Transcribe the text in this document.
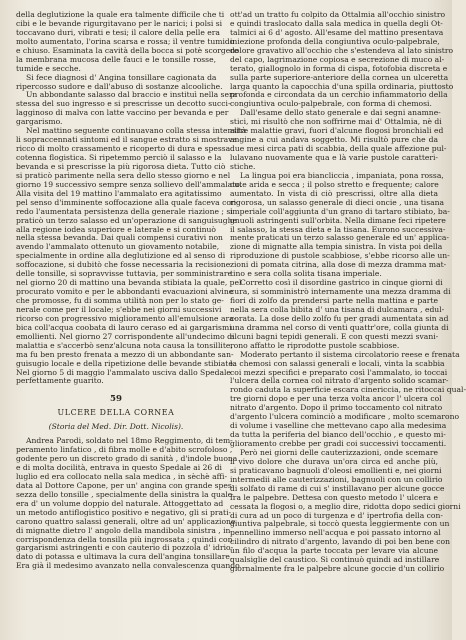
della deglutizione la quale era talmente difficile che ti
cibi e le bevande rigurgitavano per le narici; i polsi si
toccavano duri, vibrati e tesi; il calore della pelle era
molto aumentato, l'orina scarsa e rossa; il ventre tumido
e chiuso. Esaminata la cavità della bocca si potè scorgere
la membrana mucosa delle fauci e le tonsille rosse,
tumide e secche.
Si fece diagnosi d' Angina tonsillare cagionata da
ripercosso sudore e dall'abuso di sostanze alcooliche.
Un abbondante salasso dal braccio e instituì nella sera
stessa del suo ingresso e si prescrisse un decotto succi-
lagginoso di malva con latte vaccino per bevanda e per
gargarismo.
Nel mattino seguente continuavano colla stessa intensità
li sopraccennati sintomi ed il sangue estratto si mostrava
ricco di molto crassamento e ricoperto di dura e spessa
cotenna flogistica. Si ripetemmo perciò il salasso e la
bevanda e si prescrisse la più rigorosa dieta. Tutto ciò
si praticò parimente nella sera dello stesso giorno e nel
giorno 19 successivo sempre senza sollievo dell'ammalato.
Alla visita del 19 mattino l'ammalato era agitatissimo
pel senso d'imminente soffocazione alla quale faceva cor-
redo l'aumentata persistenza della generale riazione ; si
praticò un terzo salasso ed un'operazione di sanguisughe
alla regione iodea superiore e laterale e si continuò
nella stessa bevanda. Dai quali compensi curativi non
avendo l'ammalato ottenuto un giovamento notabile,
specialmente in ordine alla deglutizione ed al senso di
soffocazione, si dubitò che fosse necessaria la recisione
delle tonsille, si sopravvisse tuttavia, per somministrare
nel giorno 20 di mattino una bevanda stibiata la quale, pel
procurato vomito e per le abbondanti evacuazioni alvine
che promosse, fu di somma utilità non per lo stato ge-
nerale come per il locale; s'ebbe nei giorni successivi
ricorso con progressivo miglioramento all'emulsione ara-
bica coll'acqua coobata di lauro ceraso ed ai gargarismi
emollienti. Nel giorno 27 corrispondente all'undecimo di
malattia e s'accerbò senz'alcuna nota causa la tonsillite,
ma fu ben presto frenata a mezzo di un abbondante san-
guisugio locale e della ripetizione delle bevande stibiate.
Nel giorno 5 di maggio l'ammalato usciva dallo Spedale
perfettamente guarito.
59
ULCERE DELLA CORNEA
(Storia del Med. Dir. Dott. Nicolis).
Andrea Parodi, soldato nel 18mo Reggimento, di tem-
peramento linfatico , di fibra molle e d'abito scrofoloso ,
godente pero un discreto grado di sanità , d'indole buona
e di molta docilità, entrava in questo Spedale ai 26 di
luglio ed era collocato nella sala medica , in sèchè affi-
data al Dottore Capone, per un' angina con grande spes-
sezza dello tonsille , specialmente della sinistra la quale
era d' un volume doppio del naturale. Attoggettato ad
un metodo antiflogistico positivo e negativo, gli si prati-
carono quattro salassi generali, oltre ad un' applicazione
di mignatte dietro l' angolo della mandibola sinistra , in
corrispondenza della tonsilla più ingrossata ; quindi con
gargarismi astringenti e con cauterio di pozzola d' idrio-
dato di potassa e ultimava la cura dell'angina tonsillare.
Era già il medesimo avanzato nella convalescenza quando
ott'ad un tratto fu colpito da Ottalmia all'occhio sinistro
e quindi traslocato dalla sala medica in quella degli Ot-
talmici ai 6 d' agosto. All'esame del mattino presentava
iniezione profonda della congiuntiva oculo-palpebrale,
dolore gravativo all'occhio che s'estendeva al lato sinistro
del capo, lagrimazione copiosa e secrezione di muco al-
terato, giallognolo in forma di cispa, fotofobia discreta e
sulla parte superiore-anteriore della cornea un ulceretta
larga quanto la capocchia d'una spilla ordinaria, piuttosto
profonda e circondata da un cerchio infiammatorio della
congiuntiva oculo-palpebrale, con forma di chemosi.
Dall'esame dello stato generale e dai segni anamne-
stici, mi risultò che non soffrirne mai d' Ottalmia, nè di
altre malattie gravi, fuori d'alcune flogosi bronchiali ed
angine a cui andava soggetto. Mi risultò pure che da
due mesi circa pati di scabbia, della quale affezione pul-
lulavano nuovamente qua e là varie pustole caratteri-
stiche.
La lingua poi era biancliccia , impaniata, pona rossa,
cute arida e secca ; il polso stretto e frequente; calore
aumentato. In vista di ciò prescrissi, oltre alla dieta
rigorosa, un salasso generale di dieci oncie , una tisana
imperiale coll'aggiunta d'un grano di tartaro stibiato, ba-
gnuoli astringenti sull'orbita. Nella dimane feci ripetere
il salasso, la stessa dieta e la tisana. Eurono successiva-
mente praticati un terzo salasso generale ed un' applica-
zione di mignatte alla tempia sinistra. In vista poi della
riproduzione di pustole scabbiose, s'ebbe ricorso alle un-
zioni di pomata citrina, alla dose di mezza dramma mat-
tino e sera colla solita tisana imperiale.
Corretto così il disordine gastrico in cinque giorni di
cura, si somministrò internamente una mezza dramma di
fiori di zolfo da prendersi parte nella mattina e parte
nella sera colla bibita d' una tisana di dulcamara , edul-
corata. La dose dello zolfo fu per gradi aumentata sin ad
una dramma nel corso di venti quattr'ore, colla giunta di
alcuni bagni tepidi generali. E con questi mezzi svani-
rono affatto le riprodotte pustole scabbiose.
Moderato pertanto il sistema circolatorio reese e frenata
la chemosi con salassi generali e locali, vinta la scabbia
coi mezzi specifici e preparato così l'ammalato, io toccai
l'ulcera della cornea col nitrato d'argento solido scamar-
rondo caduta la superficie escara cinericcia, ne ritoccai qual-
tre giorni dopo e per una terza volta ancor l' ulcera col
nitrato d'argento. Dopo il primo toccamento col nitrato
d'argento l'ulcera cominciò a modificare , molto scemarono
di volume i vaselline che mettevano capo alla medesima
da tutta la periferia del bianco dell'occhio , e questo mi-
glioramento crebbe per gradi coi successivi toccamenti.
Però nei giorni delle cauterizzazioni, onde scemare
il vivo dolore che durava un'ora circa ed anche più,
si praticavano bagnuoli d'oleosi emollienti e, nei giorni
intermedii alle cauterizzazioni, bagnuoli con un collirio
di solfato di rame di cui s' instillavano per alcune gocce
fra le palpebre. Dettesa con questo metodo l' ulcera e
cessata la flogosi o, a meglio dire, ridotta dopo sedici giorni
di cura ad un poco di turgenza e d' ipertrofia della con-
giuntiva palpebrale, si toccò questa leggiermente con un
pennellino immerso nell'acqua e poi passato intorno al
cilindro di nitrato d'argento, lavando di poi ben bene con
un filo d'acqua la parte toccata per levare via alcune
qualsiglie del caustico. Si continuò quindi ad instillare
giornalmente fra le palpebre alcune goccie d'un collirio
